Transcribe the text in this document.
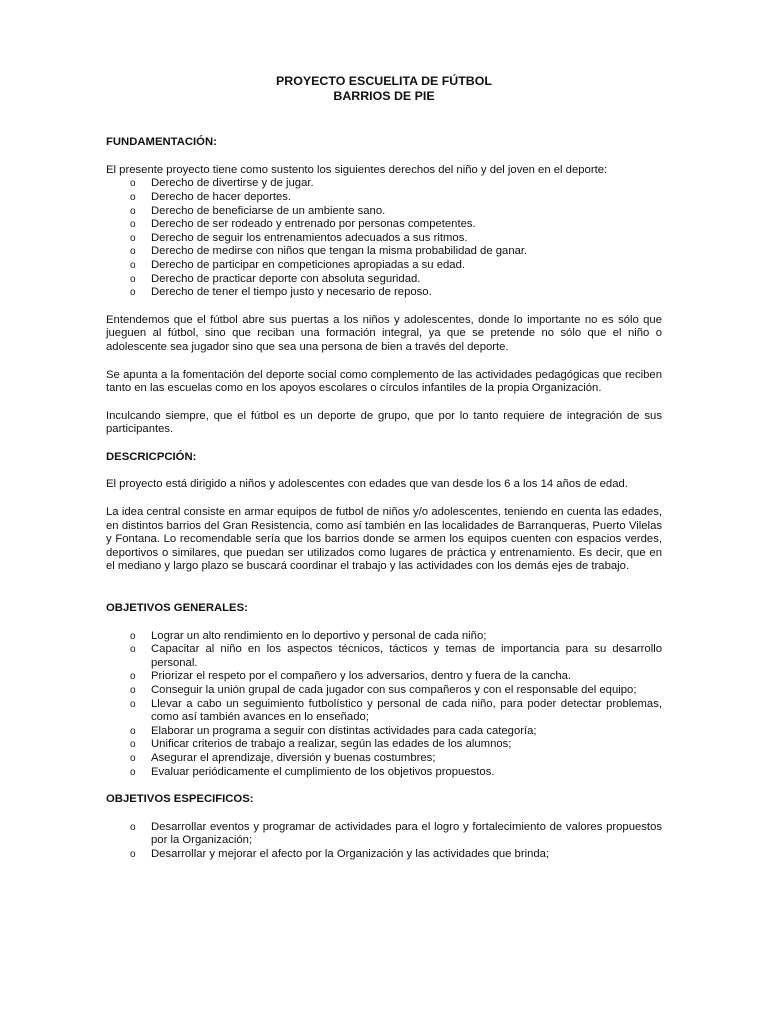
PROYECTO ESCUELITA DE FÚTBOL
BARRIOS DE PIE
FUNDAMENTACIÓN:
El presente proyecto tiene como sustento los siguientes derechos del niño y del joven en el deporte:
o Derecho de divertirse y de jugar.
o Derecho de hacer deportes.
o Derecho de beneficiarse de un ambiente sano.
o Derecho de ser rodeado y entrenado por personas competentes.
o Derecho de seguir los entrenamientos adecuados a sus ritmos.
o Derecho de medirse con niños que tengan la misma probabilidad de ganar.
o Derecho de participar en competiciones apropiadas a su edad.
o Derecho de practicar deporte con absoluta seguridad.
o Derecho de tener el tiempo justo y necesario de reposo.
Entendemos que el fútbol abre sus puertas a los niños y adolescentes, donde lo importante no es sólo que jueguen al fútbol, sino que reciban una formación integral, ya que se pretende no sólo que el niño o adolescente sea jugador sino que sea una persona de bien a través del deporte.
Se apunta a la fomentación del deporte social como complemento de las actividades pedagógicas que reciben tanto en las escuelas como en los apoyos escolares o círculos infantiles de la propia Organización.
Inculcando siempre, que el fútbol es un deporte de grupo, que por lo tanto requiere de integración de sus participantes.
DESCRICPCIÓN:
El proyecto está dirigido a niños y adolescentes con edades que van desde los 6 a los 14 años de edad.
La idea central consiste en armar equipos de futbol de niños y/o adolescentes, teniendo en cuenta las edades, en distintos barrios del Gran Resistencia, como así también en las localidades de Barranqueras, Puerto Vilelas y Fontana. Lo recomendable sería que los barrios donde se armen los equipos cuenten con espacios verdes, deportivos o similares, que puedan ser utilizados como lugares de práctica y entrenamiento. Es decir, que en el mediano y largo plazo se buscará coordinar el trabajo y las actividades con los demás ejes de trabajo.
OBJETIVOS GENERALES:
o Lograr un alto rendimiento en lo deportivo y personal de cada niño;
o Capacitar al niño en los aspectos técnicos, tácticos y temas de importancia para su desarrollo personal.
o Priorizar el respeto por el compañero y los adversarios, dentro y fuera de la cancha.
o Conseguir la unión grupal de cada jugador con sus compañeros y con el responsable del equipo;
o Llevar a cabo un seguimiento futbolístico y personal de cada niño, para poder detectar problemas, como así también avances en lo enseñado;
o Elaborar un programa a seguir con distintas actividades para cada categoría;
o Unificar criterios de trabajo a realizar, según las edades de los alumnos;
o Asegurar el aprendizaje, diversión y buenas costumbres;
o Evaluar periódicamente el cumplimiento de los objetivos propuestos.
OBJETIVOS ESPECIFICOS:
o Desarrollar eventos y programar de actividades para el logro y fortalecimiento de valores propuestos por la Organización;
o Desarrollar y mejorar el afecto por la Organización y las actividades que brinda;
